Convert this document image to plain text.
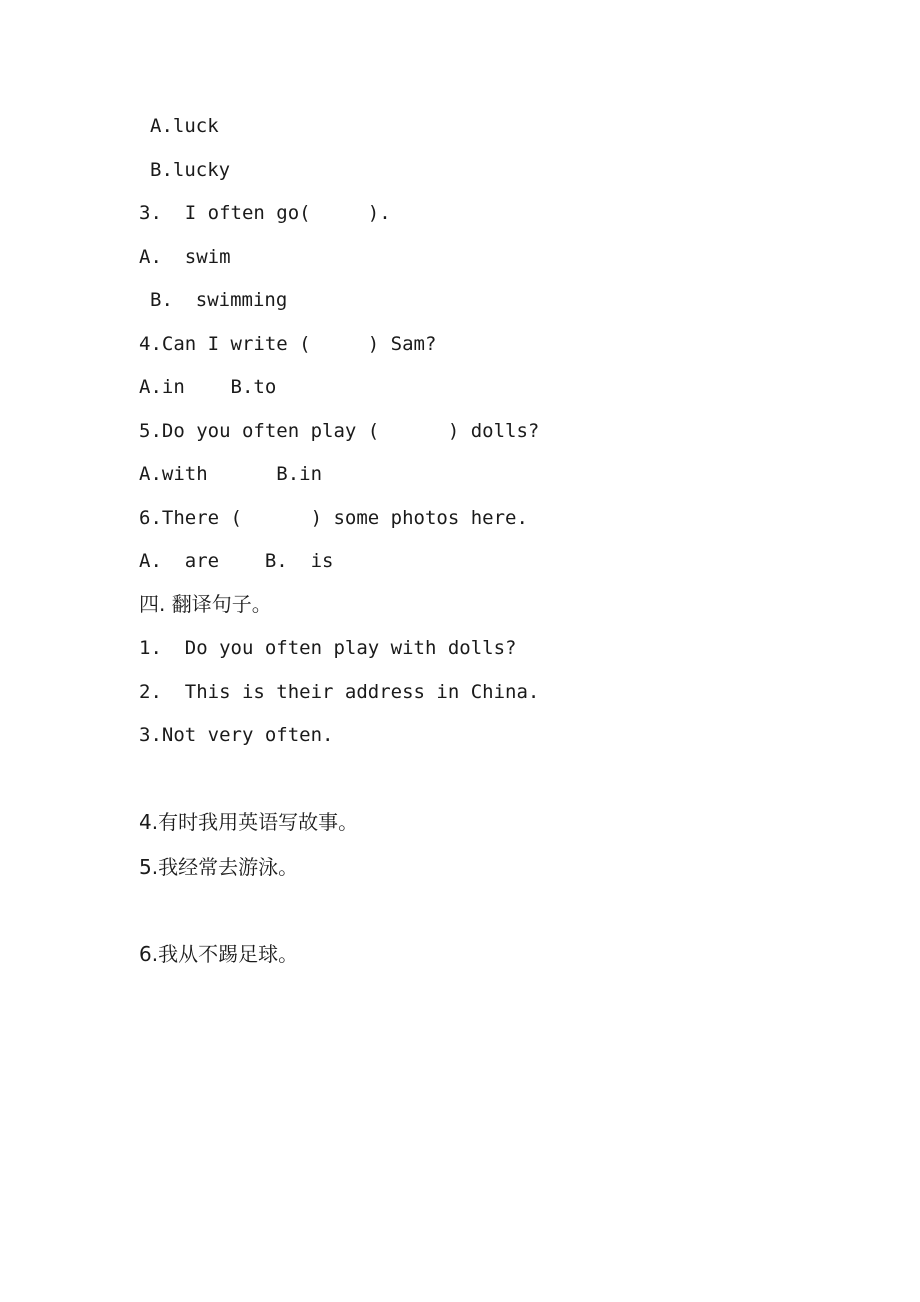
A.luck
B.lucky
3.  I often go(     ).
A.  swim
B.  swimming
4.Can I write (     ) Sam?
A.in    B.to
5.Do you often play (      ) dolls?
A.with      B.in
6.There (      ) some photos here.
A.  are    B.  is
四. 翻译句子。
1.  Do you often play with dolls?
2.  This is their address in China.
3.Not very often.
4.有时我用英语写故事。
5.我经常去游泳。
6.我从不踢足球。
